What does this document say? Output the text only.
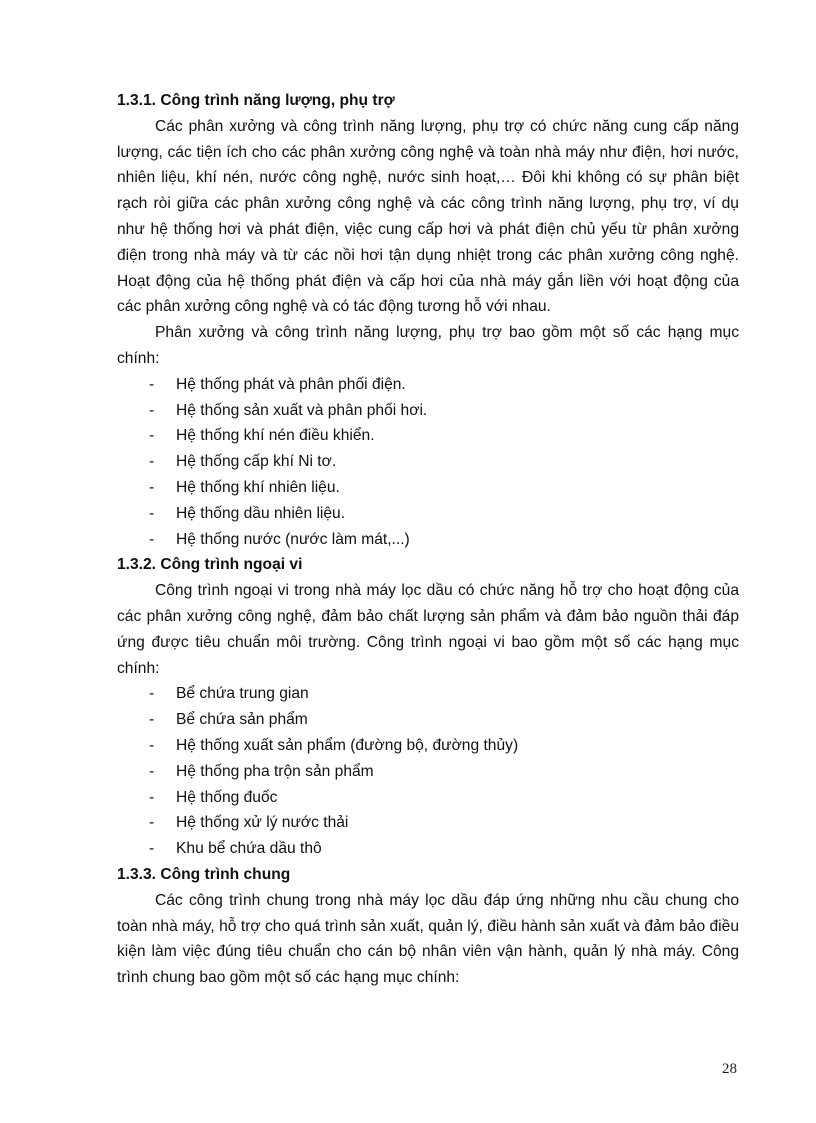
1.3.1. Công trình năng lượng, phụ trợ

Các phân xưởng và công trình năng lượng, phụ trợ có chức năng cung cấp năng lượng, các tiện ích cho các phân xưởng công nghệ và toàn nhà máy như điện, hơi nước, nhiên liệu, khí nén, nước công nghệ, nước sinh hoạt,… Đôi khi không có sự phân biệt rạch ròi giữa các phân xưởng công nghệ và các công trình năng lượng, phụ trợ, ví dụ như hệ thống hơi và phát điện, việc cung cấp hơi và phát điện chủ yếu từ phân xưởng điện trong nhà máy và từ các nồi hơi tận dụng nhiệt trong các phân xưởng công nghệ. Hoạt động của hệ thống phát điện và cấp hơi của nhà máy gắn liền với hoạt động của các phân xưởng công nghệ và có tác động tương hỗ với nhau.

Phân xưởng và công trình năng lượng, phụ trợ bao gồm một số các hạng mục chính:

- Hệ thống phát và phân phối điện.
- Hệ thống sản xuất và phân phối hơi.
- Hệ thống khí nén điều khiển.
- Hệ thống cấp khí Ni tơ.
- Hệ thống khí nhiên liệu.
- Hệ thống dầu nhiên liệu.
- Hệ thống nước (nước làm mát,...)
1.3.2. Công trình ngoại vi

Công trình ngoại vi trong nhà máy lọc dầu có chức năng hỗ trợ cho hoạt động của các phân xưởng công nghệ, đảm bảo chất lượng sản phẩm và đảm bảo nguồn thải đáp ứng được tiêu chuẩn môi trường. Công trình ngoại vi bao gồm một số các hạng mục chính:

- Bể chứa trung gian
- Bể chứa sản phẩm
- Hệ thống xuất sản phẩm (đường bộ, đường thủy)
- Hệ thống pha trộn sản phẩm
- Hệ thống đuốc
- Hệ thống xử lý nước thải
- Khu bể chứa dầu thô
1.3.3. Công trình chung

Các công trình chung trong nhà máy lọc dầu đáp ứng những nhu cầu chung cho toàn nhà máy, hỗ trợ cho quá trình sản xuất, quản lý, điều hành sản xuất và đảm bảo điều kiện làm việc đúng tiêu chuẩn cho cán bộ nhân viên vận hành, quản lý nhà máy. Công trình chung bao gồm một số các hạng mục chính:

28
